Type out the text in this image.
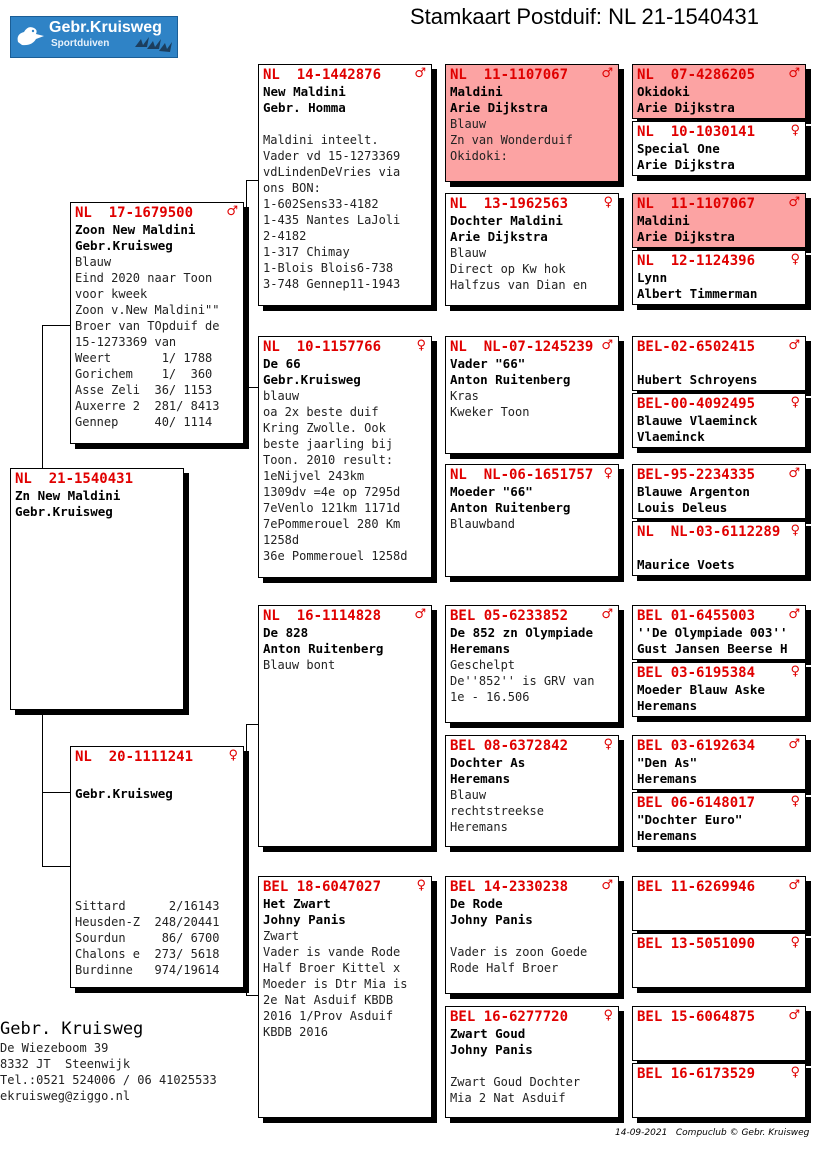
Gebr.Kruisweg
Sportduiven
Stamkaart Postduif: NL 21-1540431
NL  21-1540431
Zn New Maldini
Gebr.Kruisweg
NL  17-1679500	♂
Zoon New Maldini
Gebr.Kruisweg
Blauw
Eind 2020 naar Toon
voor kweek
Zoon v.New Maldini""
Broer van TOpduif de
15-1273369 van
Weert       1/ 1788
Gorichem    1/  360
Asse Zeli  36/ 1153
Auxerre 2  281/ 8413
Gennep     40/ 1114
NL  20-1111241	♀
Gebr.Kruisweg
Sittard      2/16143
Heusden-Z  248/20441
Sourdun     86/ 6700
Chalons e  273/ 5618
Burdinne   974/19614
NL  14-1442876	♂
New Maldini
Gebr. Homma
Maldini inteelt.
Vader vd 15-1273369
vdLindenDeVries via
ons BON:
1-602Sens33-4182
1-435 Nantes LaJoli
2-4182
1-317 Chimay
1-Blois Blois6-738
3-748 Gennep11-1943
NL  10-1157766	♀
De 66
Gebr.Kruisweg
blauw
oa 2x beste duif
Kring Zwolle. Ook
beste jaarling bij
Toon. 2010 result:
1eNijvel 243km
1309dv =4e op 7295d
7eVenlo 121km 1171d
7ePommerouel 280 Km
1258d
36e Pommerouel 1258d
NL  16-1114828	♂
De 828
Anton Ruitenberg
Blauw bont
BEL 18-6047027	♀
Het Zwart
Johny Panis
Zwart
Vader is vande Rode
Half Broer Kittel x
Moeder is Dtr Mia is
2e Nat Asduif KBDB
2016 1/Prov Asduif
KBDB 2016
NL  11-1107067	♂
Maldini
Arie Dijkstra
Blauw
Zn van Wonderduif
Okidoki:
NL  13-1962563	♀
Dochter Maldini
Arie Dijkstra
Blauw
Direct op Kw hok
Halfzus van Dian en
NL  NL-07-1245239 ♂
Vader "66"
Anton Ruitenberg
Kras
Kweker Toon
NL  NL-06-1651757 ♀
Moeder "66"
Anton Ruitenberg
Blauwband
BEL 05-6233852	♂
De 852 zn Olympiade
Heremans
Geschelpt
De''852'' is GRV van
1e - 16.506
BEL 08-6372842	♀
Dochter As
Heremans
Blauw
rechtstreekse
Heremans
BEL 14-2330238	♂
De Rode
Johny Panis
Vader is zoon Goede
Rode Half Broer
BEL 16-6277720	♀
Zwart Goud
Johny Panis
Zwart Goud Dochter
Mia 2 Nat Asduif
NL  07-4286205	♂
Okidoki
Arie Dijkstra
NL  10-1030141	♀
Special One
Arie Dijkstra
NL  11-1107067	♂
Maldini
Arie Dijkstra
NL  12-1124396	♀
Lynn
Albert Timmerman
BEL-02-6502415	♂
Hubert Schroyens
BEL-00-4092495	♀
Blauwe Vlaeminck
Vlaeminck
BEL-95-2234335	♂
Blauwe Argenton
Louis Deleus
NL  NL-03-6112289 ♀
Maurice Voets
BEL 01-6455003	♂
''De Olympiade 003''
Gust Jansen Beerse H
BEL 03-6195384	♀
Moeder Blauw Aske
Heremans
BEL 03-6192634	♂
"Den As"
Heremans
BEL 06-6148017	♀
"Dochter Euro"
Heremans
BEL 11-6269946	♂
BEL 13-5051090	♀
BEL 15-6064875	♂
BEL 16-6173529	♀
Gebr. Kruisweg
De Wiezeboom 39
8332 JT  Steenwijk
Tel.:0521 524006 / 06 41025533
ekruisweg@ziggo.nl
14-09-2021   Compuclub © Gebr. Kruisweg
